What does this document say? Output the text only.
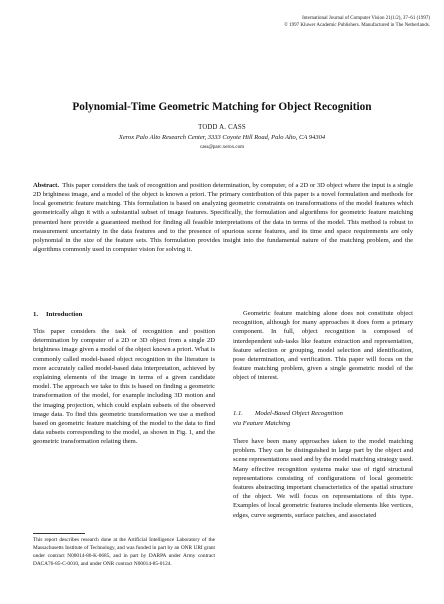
International Journal of Computer Vision 21(1/2), 37–61 (1997)
© 1997 Kluwer Academic Publishers. Manufactured in The Netherlands.
Polynomial-Time Geometric Matching for Object Recognition
TODD A. CASS
Xerox Palo Alto Research Center, 3333 Coyote Hill Road, Palo Alto, CA 94304
cass@parc.xerox.com
Abstract. This paper considers the task of recognition and position determination, by computer, of a 2D or 3D object where the input is a single 2D brightness image, and a model of the object is known a priori. The primary contribution of this paper is a novel formulation and methods for local geometric feature matching. This formulation is based on analyzing geometric constraints on transformations of the model features which geometrically align it with a substantial subset of image features. Specifically, the formulation and algorithms for geometric feature matching presented here provide a guaranteed method for finding all feasible interpretations of the data in terms of the model. This method is robust to measurement uncertainty in the data features and to the presence of spurious scene features, and its time and space requirements are only polynomial in the size of the feature sets. This formulation provides insight into the fundamental nature of the matching problem, and the algorithms commonly used in computer vision for solving it.
1. Introduction

This paper considers the task of recognition and position determination by computer of a 2D or 3D object from a single 2D brightness image given a model of the object known a priori. What is commonly called model-based object recognition in the literature is more accurately called model-based data interpretation, achieved by explaining elements of the image in terms of a given candidate model. The approach we take to this is based on finding a geometric transformation of the model, for example including 3D motion and the imaging projection, which could explain subsets of the observed image data. To find this geometric transformation we use a method based on geometric feature matching of the model to the data to find data subsets corresponding to the model, as shown in Fig. 1, and the geometric transformation relating them.

This report describes research done at the Artificial Intelligence Laboratory of the Massachusetts Institute of Technology, and was funded in part by an ONR URI grant under contract N00014-86-K-0685, and in part by DARPA under Army contract DACA76-85-C-0010, and under ONR contract N00014-85-0124.

Geometric feature matching alone does not constitute object recognition, although for many approaches it does form a primary component. In full, object recognition is composed of interdependent sub-tasks like feature extraction and representation, feature selection or grouping, model selection and identification, pose determination, and verification. This paper will focus on the feature matching problem, given a single geometric model of the object of interest.

1.1. Model-Based Object Recognition
via Feature Matching

There have been many approaches taken to the model matching problem. They can be distinguished in large part by the object and scene representations used and by the model matching strategy used. Many effective recognition systems make use of rigid structural representations consisting of configurations of local geometric features abstracting important characteristics of the spatial structure of the object. We will focus on representations of this type. Examples of local geometric features include elements like vertices, edges, curve segments, surface patches, and associated
